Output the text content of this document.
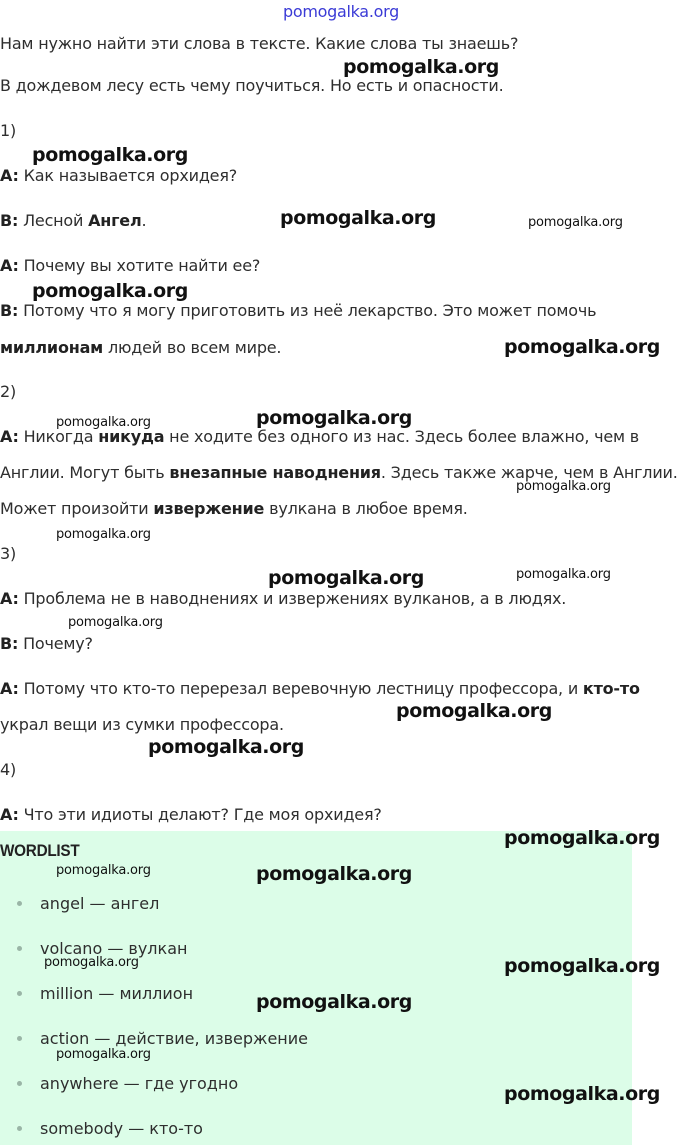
pomogalka.org
pomogalka.org
pomogalka.org
pomogalka.org	pomogalka.org
pomogalka.org
pomogalka.org
pomogalka.org	pomogalka.org
pomogalka.org
pomogalka.org
pomogalka.org	pomogalka.org
pomogalka.org
pomogalka.org
pomogalka.org
Нам нужно найти эти слова в тексте. Какие слова ты знаешь?
В дождевом лесу есть чему поучиться. Но есть и опасности.
1)
A: Как называется орхидея?
B: Лесной Ангел.
A: Почему вы хотите найти ее?
B: Потому что я могу приготовить из неё лекарство. Это может помочь
миллионам людей во всем мире.
2)
A: Никогда никуда не ходите без одного из нас. Здесь более влажно, чем в
Англии. Могут быть внезапные наводнения. Здесь также жарче, чем в Англии.
Может произойти извержение вулкана в любое время.
3)
A: Проблема не в наводнениях и извержениях вулканов, а в людях.
B: Почему?
A: Потому что кто-то перерезал веревочную лестницу профессора, и кто-то
украл вещи из сумки профессора.
4)
A: Что эти идиоты делают? Где моя орхидея?
WORDLIST
angel — ангел
volcano — вулкан
million — миллион
action — действие, извержение
anywhere — где угодно
somebody — кто-то
pomogalka.org
pomogalka.org	pomogalka.org
pomogalka.org	pomogalka.org
pomogalka.org
pomogalka.org
pomogalka.org
